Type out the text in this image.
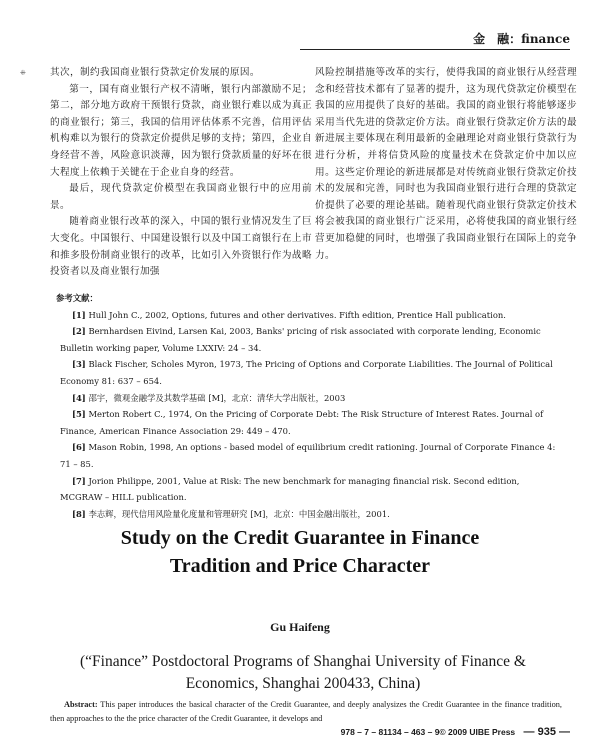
金　融：finance
⁜	其次，制约我国商业银行贷款定价发展的原因。

第一，国有商业银行产权不清晰，银行内部激励不足；第二，部分地方政府干预银行贷款，商业银行难以成为真正的商业银行；第三，我国的信用评估体系不完善，信用评估机构难以为银行的贷款定价提供足够的支持；第四，企业自身经营不善，风险意识淡薄，因为银行贷款质量的好坏在很大程度上依赖于关键在于企业自身的经营。

最后，现代贷款定价模型在我国商业银行中的应用前景。

随着商业银行改革的深入，中国的银行业情况发生了巨大变化。中国银行、中国建设银行以及中国工商银行在上市和推多股份制商业银行的改革，比如引入外资银行作为战略投资者以及商业银行加强

风险控制措施等改革的实行，使得我国的商业银行从经营理念和经营技术都有了显著的提升，这为现代贷款定价模型在我国的应用提供了良好的基础。我国的商业银行将能够逐步采用当代先进的贷款定价方法。商业银行贷款定价方法的最新进展主要体现在利用最新的金融理论对商业银行贷款行为进行分析，并将信贷风险的度量技术在贷款定价中加以应用。这些定价理论的新进展都是对传统商业银行贷款定价技术的发展和完善，同时也为我国商业银行进行合理的贷款定价提供了必要的理论基础。随着现代商业银行贷款定价技术将会被我国的商业银行广泛采用，必将使我国的商业银行经营更加稳健的同时，也增强了我国商业银行在国际上的竞争力。

参考文献：
[1] Hull John C., 2002, Options, futures and other derivatives. Fifth edition, Prentice Hall publication.
[2] Bernhardsen Eivind, Larsen Kai, 2003, Banks' pricing of risk associated with corporate lending, Economic Bulletin working paper, Volume LXXIV: 24 – 34.
[3] Black Fischer, Scholes Myron, 1973, The Pricing of Options and Corporate Liabilities. The Journal of Political Economy 81: 637 – 654.
[4] 邵宇，微观金融学及其数学基础 [M]，北京：清华大学出版社，2003
[5] Merton Robert C., 1974, On the Pricing of Corporate Debt: The Risk Structure of Interest Rates. Journal of Finance, American Finance Association 29: 449 – 470.
[6] Mason Robin, 1998, An options - based model of equilibrium credit rationing. Journal of Corporate Finance 4: 71 – 85.
[7] Jorion Philippe, 2001, Value at Risk: The new benchmark for managing financial risk. Second edition, MCGRAW – HILL publication.
[8] 李志辉，现代信用风险量化度量和管理研究 [M]，北京：中国金融出版社，2001.
Study on the Credit Guarantee in Finance
Tradition and Price Character
Gu Haifeng
(“Finance” Postdoctoral Programs of Shanghai University of Finance & Economics, Shanghai 200433, China)
Abstract: This paper introduces the basical character of the Credit Guarantee, and deeply analysizes the Credit Guarantee in the finance tradition, then approaches to the the price character of the Credit Guarantee, it develops and
978 – 7 – 81134 – 463 – 9© 2009 UIBE Press — 935 —
